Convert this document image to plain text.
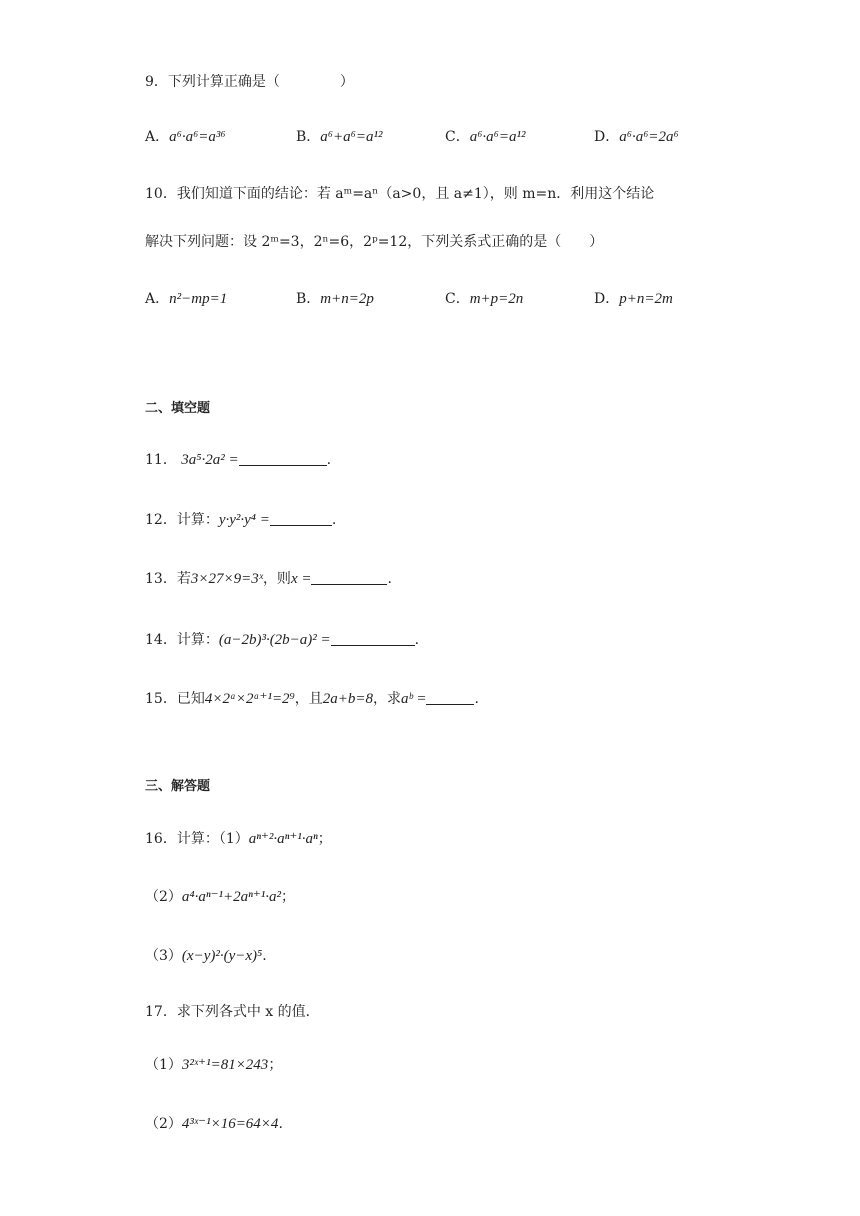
9．下列计算正确是（	）
A．a⁶·a⁶=a³⁶	B．a⁶+a⁶=a¹²	C．a⁶·a⁶=a¹²	D．a⁶·a⁶=2a⁶
10．我们知道下面的结论：若 aᵐ=aⁿ（a>0，且 a≠1），则 m=n．利用这个结论
解决下列问题：设 2ᵐ=3，2ⁿ=6，2ᵖ=12，下列关系式正确的是（　　）
A．n²−mp=1	B．m+n=2p	C．m+p=2n	D．p+n=2m
二、填空题
11． 3a⁵·2a² =	.
12．计算：y·y²·y⁴ =	.
13．若3×27×9=3ˣ，则x =	.
14．计算：(a−2b)³·(2b−a)² =	.
15．已知4×2ᵃ×2ᵃ⁺¹=2⁹，且2a+b=8，求aᵇ =	.
三、解答题
16．计算：（1）aⁿ⁺²·aⁿ⁺¹·aⁿ；
（2）a⁴·aⁿ⁻¹+2aⁿ⁺¹·a²；
（3）(x−y)²·(y−x)⁵.
17．求下列各式中 x 的值．
（1）3²ˣ⁺¹=81×243；
（2）4³ˣ⁻¹×16=64×4.
